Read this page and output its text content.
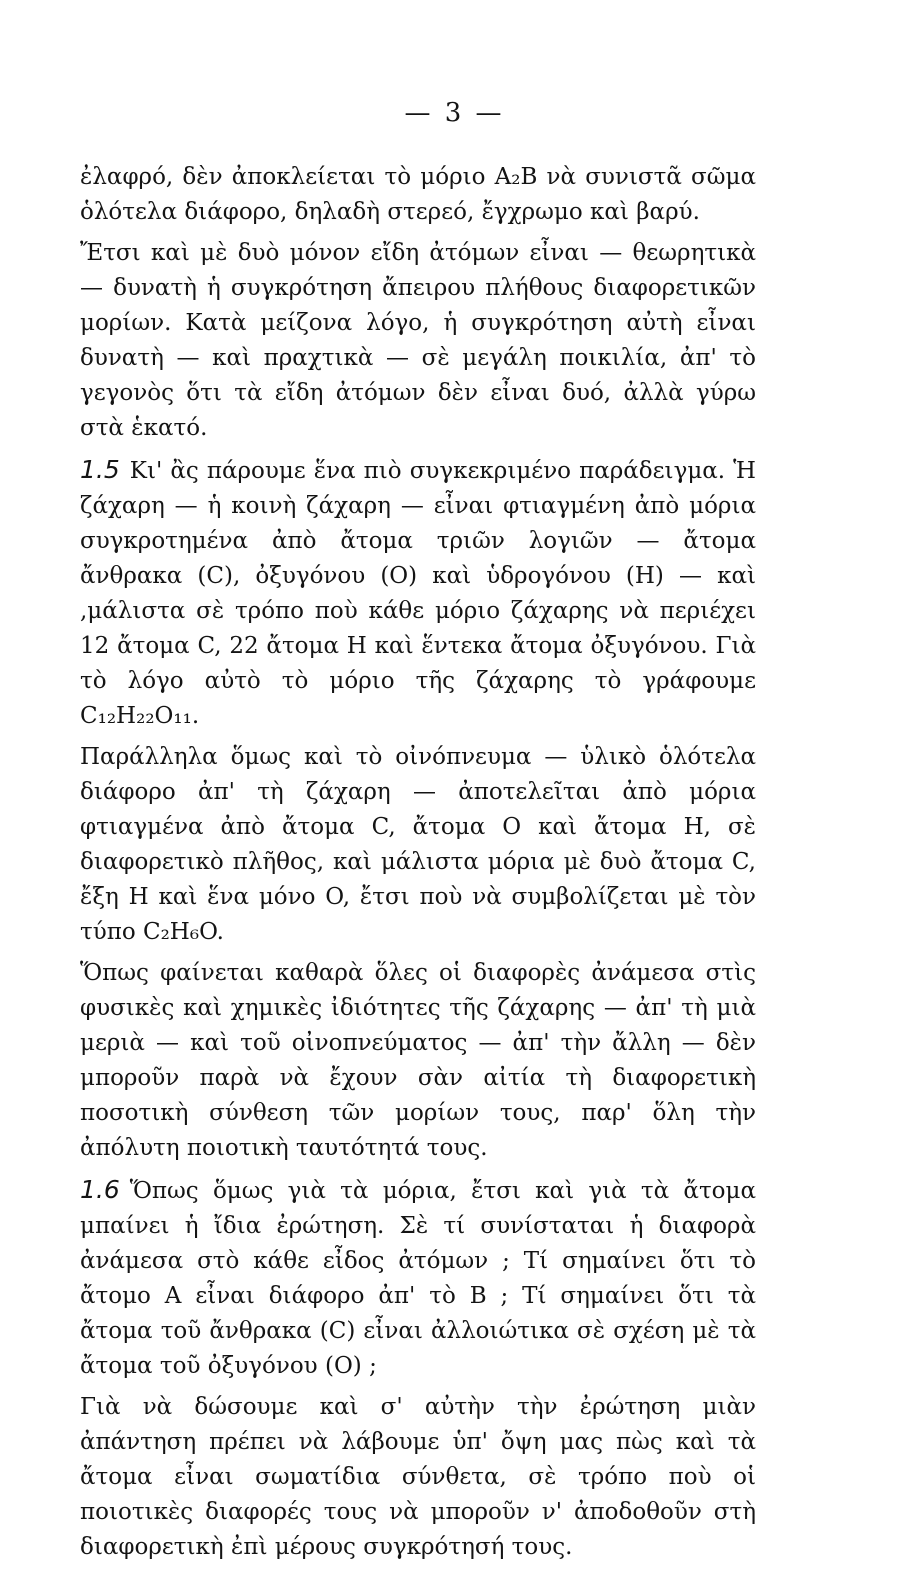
— 3 —

ἐλαφρό, δὲν ἀποκλείεται τὸ μόριο A₂B νὰ συνιστᾶ σῶμα ὁλότελα διάφορο, δηλαδὴ στερεό, ἔγχρωμο καὶ βαρύ.

Ἔτσι καὶ μὲ δυὸ μόνον εἴδη ἀτόμων εἶναι — θεωρητικὰ — δυνατὴ ἡ συγκρότηση ἄπειρου πλήθους διαφορετικῶν μορίων. Κατὰ μείζονα λόγο, ἡ συγκρότηση αὐτὴ εἶναι δυνατὴ — καὶ πραχτικὰ — σὲ μεγάλη ποικιλία, ἀπ' τὸ γεγονὸς ὅτι τὰ εἴδη ἀτόμων δὲν εἶναι δυό, ἀλλὰ γύρω στὰ ἑκατό.

1.5 Κι' ἂς πάρουμε ἕνα πιὸ συγκεκριμένο παράδειγμα. Ἡ ζάχαρη — ἡ κοινὴ ζάχαρη — εἶναι φτιαγμένη ἀπὸ μόρια συγκροτημένα ἀπὸ ἄτομα τριῶν λογιῶν — ἄτομα ἄνθρακα (C), ὀξυγόνου (O) καὶ ὑδρογόνου (H) — καὶ ,μάλιστα σὲ τρόπο ποὺ κάθε μόριο ζάχαρης νὰ περιέχει 12 ἄτομα C, 22 ἄτομα H καὶ ἕντεκα ἄτομα ὀξυγόνου. Γιὰ τὸ λόγο αὐτὸ τὸ μόριο τῆς ζάχαρης τὸ γράφουμε C₁₂H₂₂O₁₁.

Παράλληλα ὅμως καὶ τὸ οἰνόπνευμα — ὑλικὸ ὁλότελα διάφορο ἀπ' τὴ ζάχαρη — ἀποτελεῖται ἀπὸ μόρια φτιαγμένα ἀπὸ ἄτομα C, ἄτομα O καὶ ἄτομα H, σὲ διαφορετικὸ πλῆθος, καὶ μάλιστα μόρια μὲ δυὸ ἄτομα C, ἔξη H καὶ ἕνα μόνο O, ἔτσι ποὺ νὰ συμβολίζεται μὲ τὸν τύπο C₂H₆O.

Ὅπως φαίνεται καθαρὰ ὅλες οἱ διαφορὲς ἀνάμεσα στὶς φυσικὲς καὶ χημικὲς ἰδιότητες τῆς ζάχαρης — ἀπ' τὴ μιὰ μεριὰ — καὶ τοῦ οἰνοπνεύματος — ἀπ' τὴν ἄλλη — δὲν μποροῦν παρὰ νὰ ἔχουν σὰν αἰτία τὴ διαφορετικὴ ποσοτικὴ σύνθεση τῶν μορίων τους, παρ' ὅλη τὴν ἀπόλυτη ποιοτικὴ ταυτότητά τους.

1.6 Ὅπως ὅμως γιὰ τὰ μόρια, ἔτσι καὶ γιὰ τὰ ἄτομα μπαίνει ἡ ἴδια ἐρώτηση. Σὲ τί συνίσταται ἡ διαφορὰ ἀνάμεσα στὸ κάθε εἶδος ἀτόμων ; Τί σημαίνει ὅτι τὸ ἄτομο A εἶναι διάφορο ἀπ' τὸ B ; Τί σημαίνει ὅτι τὰ ἄτομα τοῦ ἄνθρακα (C) εἶναι ἀλλοιώτικα σὲ σχέση μὲ τὰ ἄτομα τοῦ ὀξυγόνου (O) ;

Γιὰ νὰ δώσουμε καὶ σ' αὐτὴν τὴν ἐρώτηση μιὰν ἀπάντηση πρέπει νὰ λάβουμε ὑπ' ὄψη μας πὼς καὶ τὰ ἄτομα εἶναι σωματίδια σύνθετα, σὲ τρόπο ποὺ οἱ ποιοτικὲς διαφορές τους νὰ μποροῦν ν' ἀποδοθοῦν στὴ διαφορετικὴ ἐπὶ μέρους συγκρότησή τους.
